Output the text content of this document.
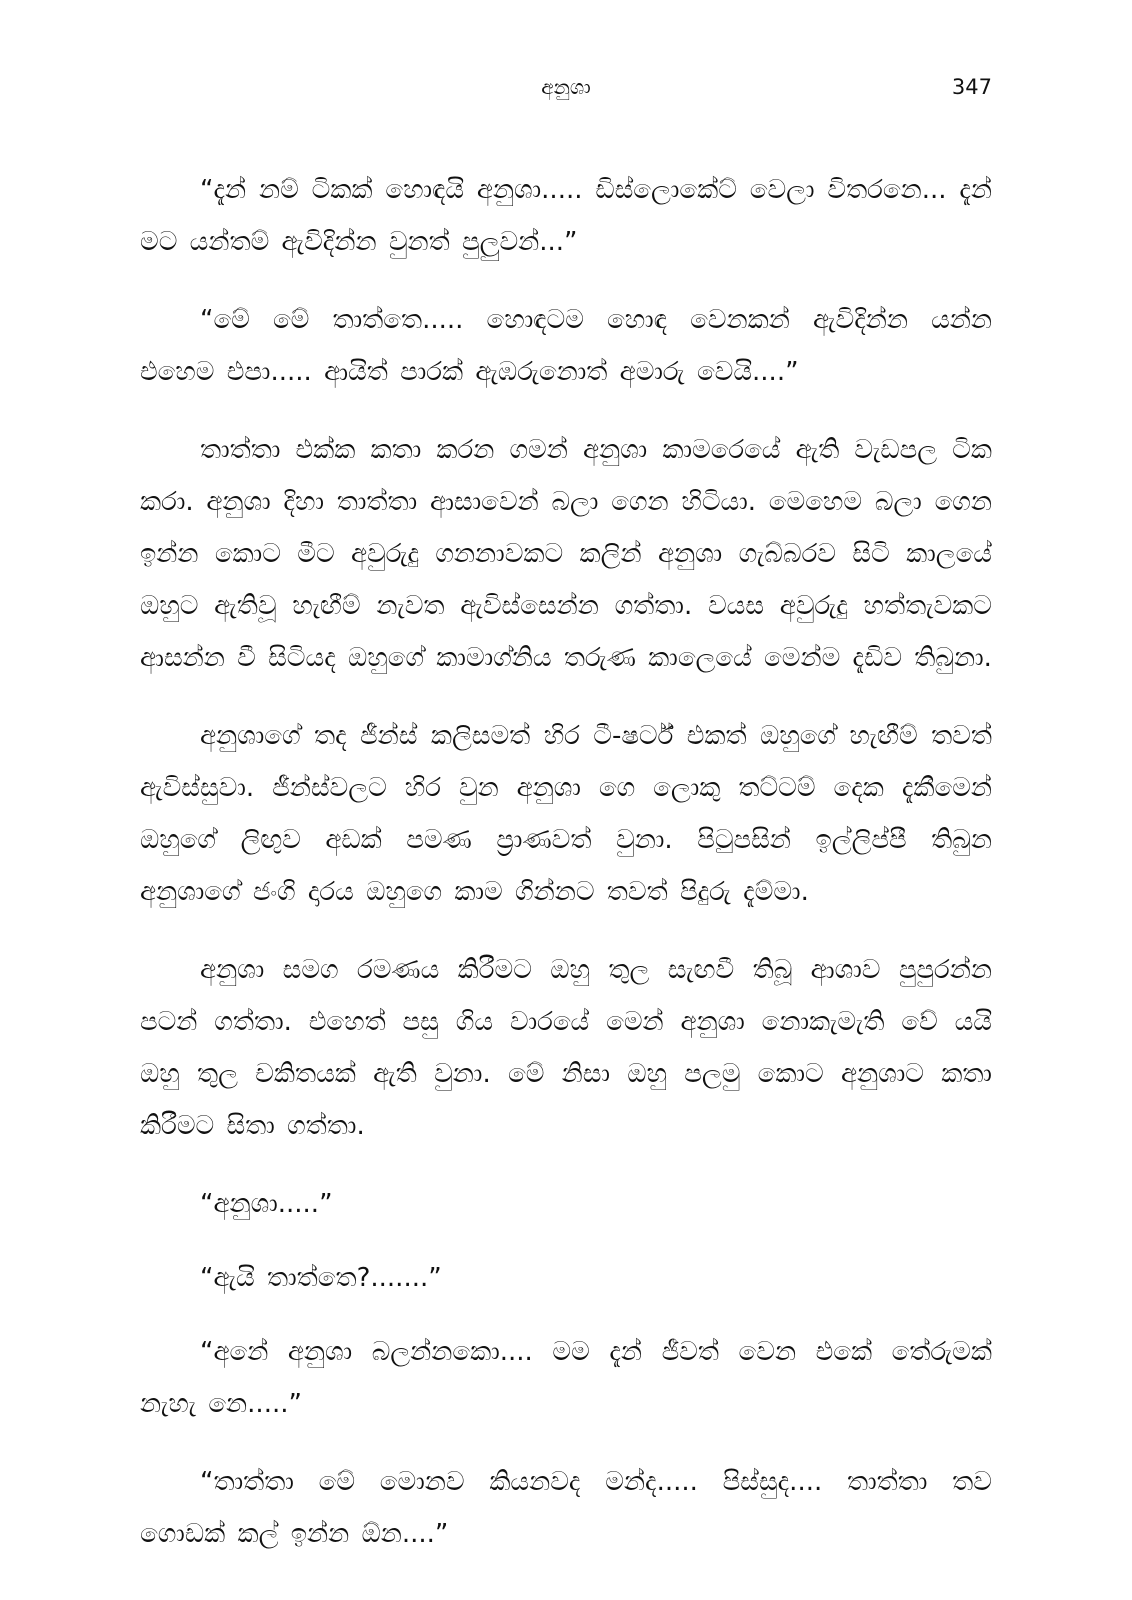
අනුශා	347

“දැන් නම් ටිකක් හොඳයි අනුශා..... ඩිස්ලොකේට් වෙලා විතරනෙ... දැන් මට යන්තම් ඇවිදින්න වුනත් පුලුවන්...”

“මේ මේ තාත්තෙ..... හොඳටම හොඳ වෙනකන් ඇවිදින්න යන්න එහෙම එපා..... ආයිත් පාරක් ඇඹරුනොත් අමාරු වෙයි....”

තාත්තා එක්ක කතා කරන ගමන් අනුශා කාමරෙයේ ඇති වැඩපල ටික කරා. අනුශා දිහා තාත්තා ආසාවෙන් බලා ගෙන හිටියා. මෙහෙම බලා ගෙන ඉන්න කොට මීට අවුරුදු ගනනාවකට කලින් අනුශා ගැබ්බරව සිටි කාලයේ ඔහුට ඇතිවූ හැඟීම් නැවත ඇවිස්සෙන්න ගත්තා. වයස අවුරුදු හත්තැවකට ආසන්න වී සිටියද ඔහුගේ කාමාග්නිය තරුණ කාලෙයේ මෙන්ම දැඩිව තිබුනා.

අනුශාගේ තද ජීන්ස් කලිසමත් හිර ටී-ෂර්ට් එකත් ඔහුගේ හැඟීම් තවත් ඇවිස්සුවා. ජීන්ස්වලට හිර වුන අනුශා ගෙ ලොකු තට්ටම් දෙක දැකීමෙන් ඔහුගේ ලිඟුව අඩක් පමණ ප්‍රාණවත් වුනා. පිටුපසින් ඉල්ලිප්පී තිබුන අනුශාගේ ජංගි දාරය ඔහුගෙ කාම ගින්නට තවත් පිදුරු දැම්මා.

අනුශා සමග රමණය කිරීමට ඔහු තුල සැඟවී තිබූ ආශාව පුපුරන්න පටන් ගත්තා. එහෙත් පසු ගිය වාරයේ මෙන් අනුශා නොකැමැති වේ යයි ඔහු තුල චකිතයක් ඇති වුනා. මේ නිසා ඔහු පලමු කොට අනුශාට කතා කිරීමට සිතා ගත්තා.

“අනුශා.....”

“ඇයි තාත්තෙ?.......”

“අනේ අනුශා බලන්නකො.... මම දැන් ජීවත් වෙන එකේ තේරුමක් නැහැ නෙ.....”

“තාත්තා මේ මොනව කියනවද මන්ද..... පිස්සුද.... තාත්තා තව ගොඩක් කල් ඉන්න ඕන....”
